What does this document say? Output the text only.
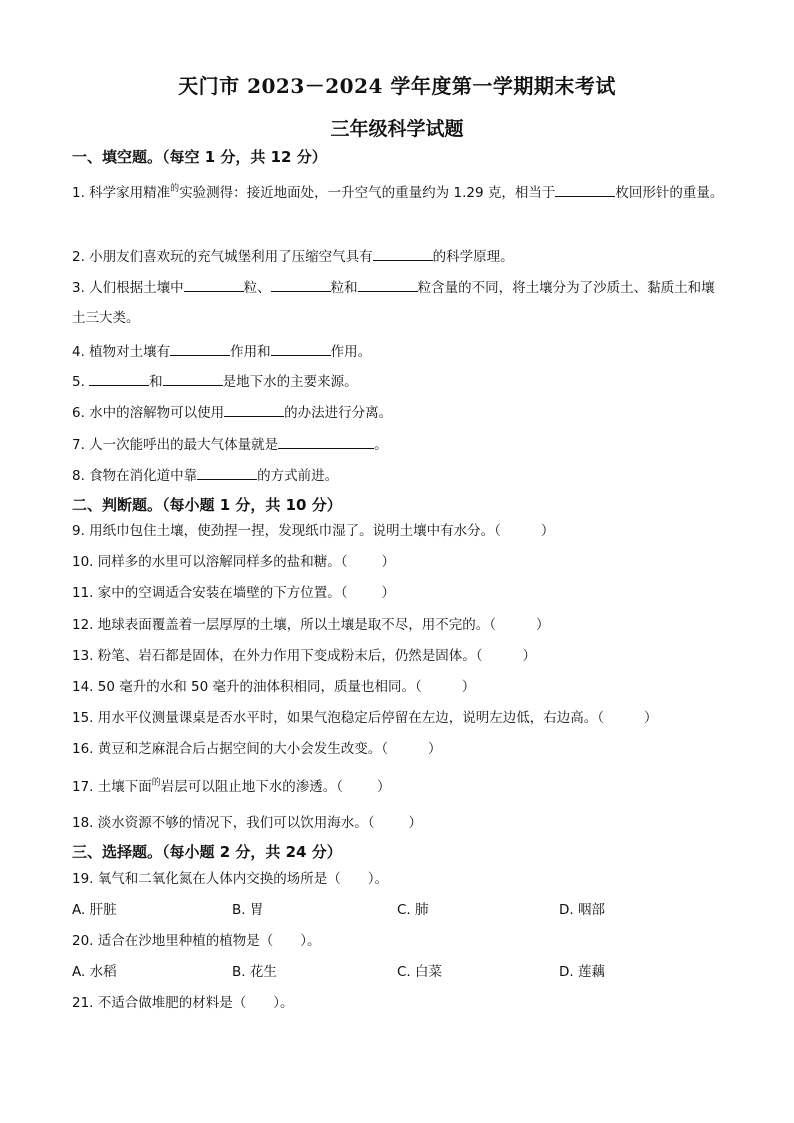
天门市 2023－2024 学年度第一学期期末考试
三年级科学试题
一、填空题。（每空 1 分，共 12 分）
1. 科学家用精准$^的$实验测得：接近地面处，一升空气的重量约为 1.29 克，相当于	枚回形针的重量。
2. 小朋友们喜欢玩的充气城堡利用了压缩空气具有	的科学原理。
3. 人们根据土壤中	粒、	粒和	粒含量的不同，将土壤分为了沙质土、黏质土和壤土三大类。
4. 植物对土壤有	作用和	作用。
5.	和	是地下水的主要来源。
6. 水中的溶解物可以使用	的办法进行分离。
7. 人一次能呼出的最大气体量就是	。
8. 食物在消化道中靠	的方式前进。
二、判断题。（每小题 1 分，共 10 分）
9. 用纸巾包住土壤，使劲捏一捏，发现纸巾湿了。说明土壤中有水分。（	）
10. 同样多的水里可以溶解同样多的盐和糖。（	）
11. 家中的空调适合安装在墙壁的下方位置。（	）
12. 地球表面覆盖着一层厚厚的土壤，所以土壤是取不尽，用不完的。（	）
13. 粉笔、岩石都是固体，在外力作用下变成粉末后，仍然是固体。（	）
14. 50 毫升的水和 50 毫升的油体积相同，质量也相同。（	）
15. 用水平仪测量课桌是否水平时，如果气泡稳定后停留在左边，说明左边低，右边高。（	）
16. 黄豆和芝麻混合后占据空间的大小会发生改变。（	）
17. 土壤下面$^的$岩层可以阻止地下水的渗透。（	）
18. 淡水资源不够的情况下，我们可以饮用海水。（	）
三、选择题。（每小题 2 分，共 24 分）
19. 氧气和二氧化氮在人体内交换的场所是（　　）。
A. 肝脏	B. 胃	C. 肺	D. 咽部
20. 适合在沙地里种植的植物是（　　）。
A. 水稻	B. 花生	C. 白菜	D. 莲藕
21. 不适合做堆肥的材料是（　　）。
